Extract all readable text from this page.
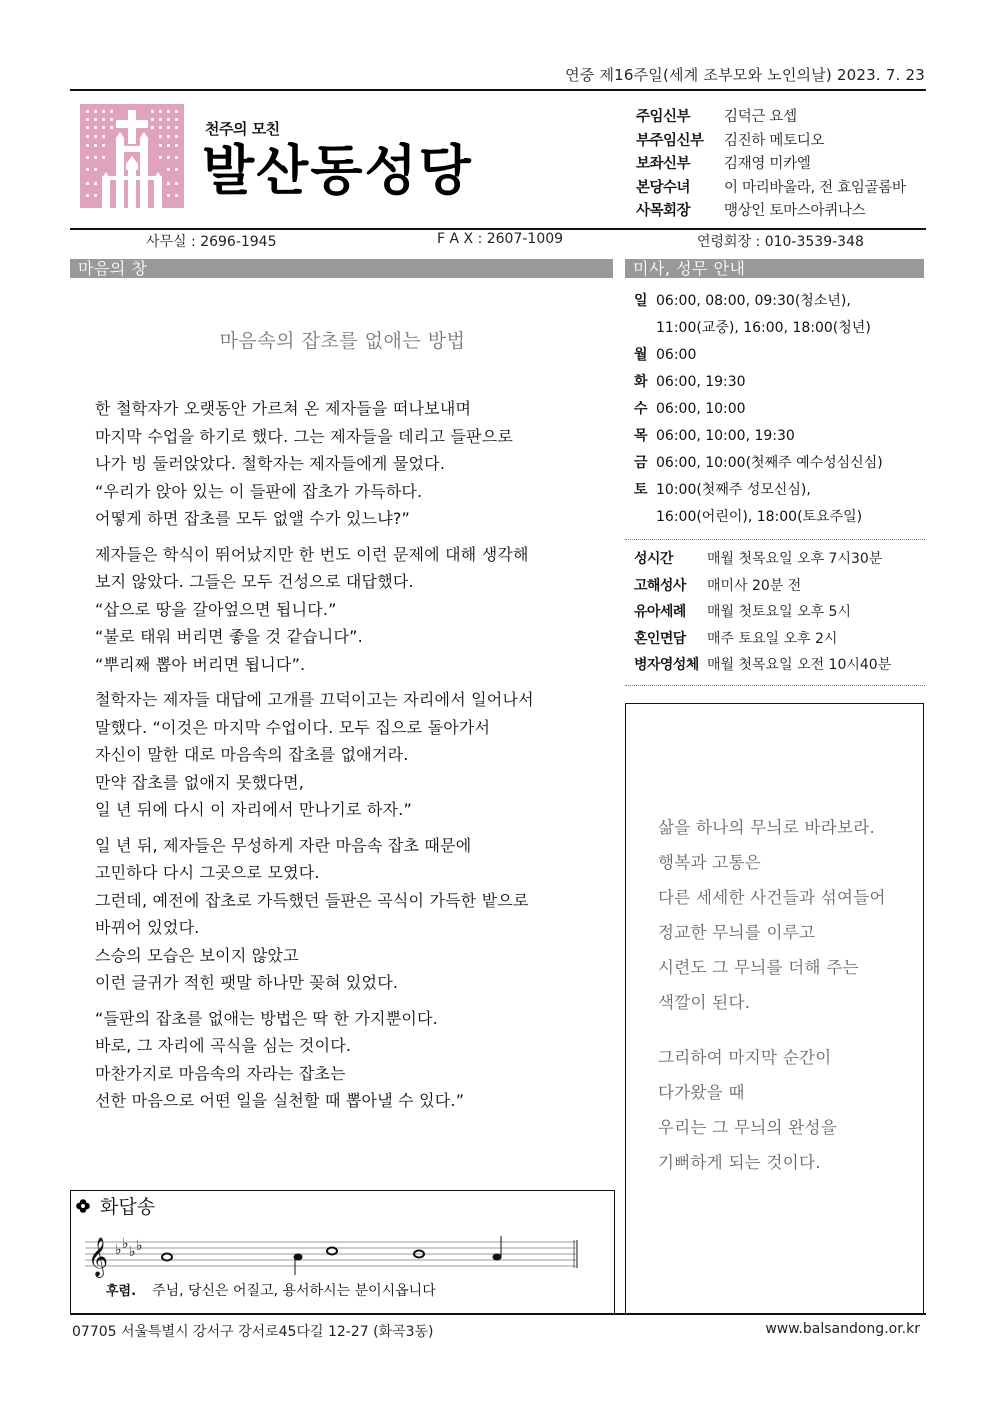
연중 제16주일(세계 조부모와 노인의날) 2023. 7. 23
천주의 모친
발산동성당
주임신부	김덕근 요셉
부주임신부	김진하 메토디오
보좌신부	김재영 미카엘
본당수녀	이 마리바울라, 전 효임골롬바
사목회장	맹상인 토마스아퀴나스
사무실 : 2696-1945	F A X : 2607-1009	연령회장 : 010-3539-348
마음의 창	미사, 성무 안내
마음속의 잡초를 없애는 방법
한 철학자가 오랫동안 가르쳐 온 제자들을 떠나보내며
마지막 수업을 하기로 했다. 그는 제자들을 데리고 들판으로
나가 빙 둘러앉았다. 철학자는 제자들에게 물었다.
“우리가 앉아 있는 이 들판에 잡초가 가득하다.
어떻게 하면 잡초를 모두 없앨 수가 있느냐?”
제자들은 학식이 뛰어났지만 한 번도 이런 문제에 대해 생각해
보지 않았다. 그들은 모두 건성으로 대답했다.
“삽으로 땅을 갈아엎으면 됩니다.”
“불로 태워 버리면 좋을 것 같습니다”.
“뿌리째 뽑아 버리면 됩니다”.
철학자는 제자들 대답에 고개를 끄덕이고는 자리에서 일어나서
말했다. “이것은 마지막 수업이다. 모두 집으로 돌아가서
자신이 말한 대로 마음속의 잡초를 없애거라.
만약 잡초를 없애지 못했다면,
일 년 뒤에 다시 이 자리에서 만나기로 하자.”
일 년 뒤, 제자들은 무성하게 자란 마음속 잡초 때문에
고민하다 다시 그곳으로 모였다.
그런데, 예전에 잡초로 가득했던 들판은 곡식이 가득한 밭으로
바뀌어 있었다.
스승의 모습은 보이지 않았고
이런 글귀가 적힌 팻말 하나만 꽂혀 있었다.
“들판의 잡초를 없애는 방법은 딱 한 가지뿐이다.
바로, 그 자리에 곡식을 심는 것이다.
마찬가지로 마음속의 자라는 잡초는
선한 마음으로 어떤 일을 실천할 때 뽑아낼 수 있다.”
일 06:00, 08:00, 09:30(청소년),
11:00(교중), 16:00, 18:00(청년)
월 06:00
화 06:00, 19:30
수 06:00, 10:00
목 06:00, 10:00, 19:30
금 06:00, 10:00(첫째주 예수성심신심)
토 10:00(첫째주 성모신심),
16:00(어린이), 18:00(토요주일)
성시간	매월 첫목요일 오후 7시30분
고해성사	매미사 20분 전
유아세례	매월 첫토요일 오후 5시
혼인면담	매주 토요일 오후 2시
병자영성체 매월 첫목요일 오전 10시40분
삶을 하나의 무늬로 바라보라.
행복과 고통은
다른 세세한 사건들과 섞여들어
정교한 무늬를 이루고
시련도 그 무늬를 더해 주는
색깔이 된다.
그리하여 마지막 순간이
다가왔을 때
우리는 그 무늬의 완성을
기뻐하게 되는 것이다.
화답송
𝄞 ♭ ♭ ♭ ♭
후렴. 주님, 당신은 어질고, 용서하시는 분이시옵니다
07705 서울특별시 강서구 강서로45다길 12-27 (화곡3동)	www.balsandong.or.kr
